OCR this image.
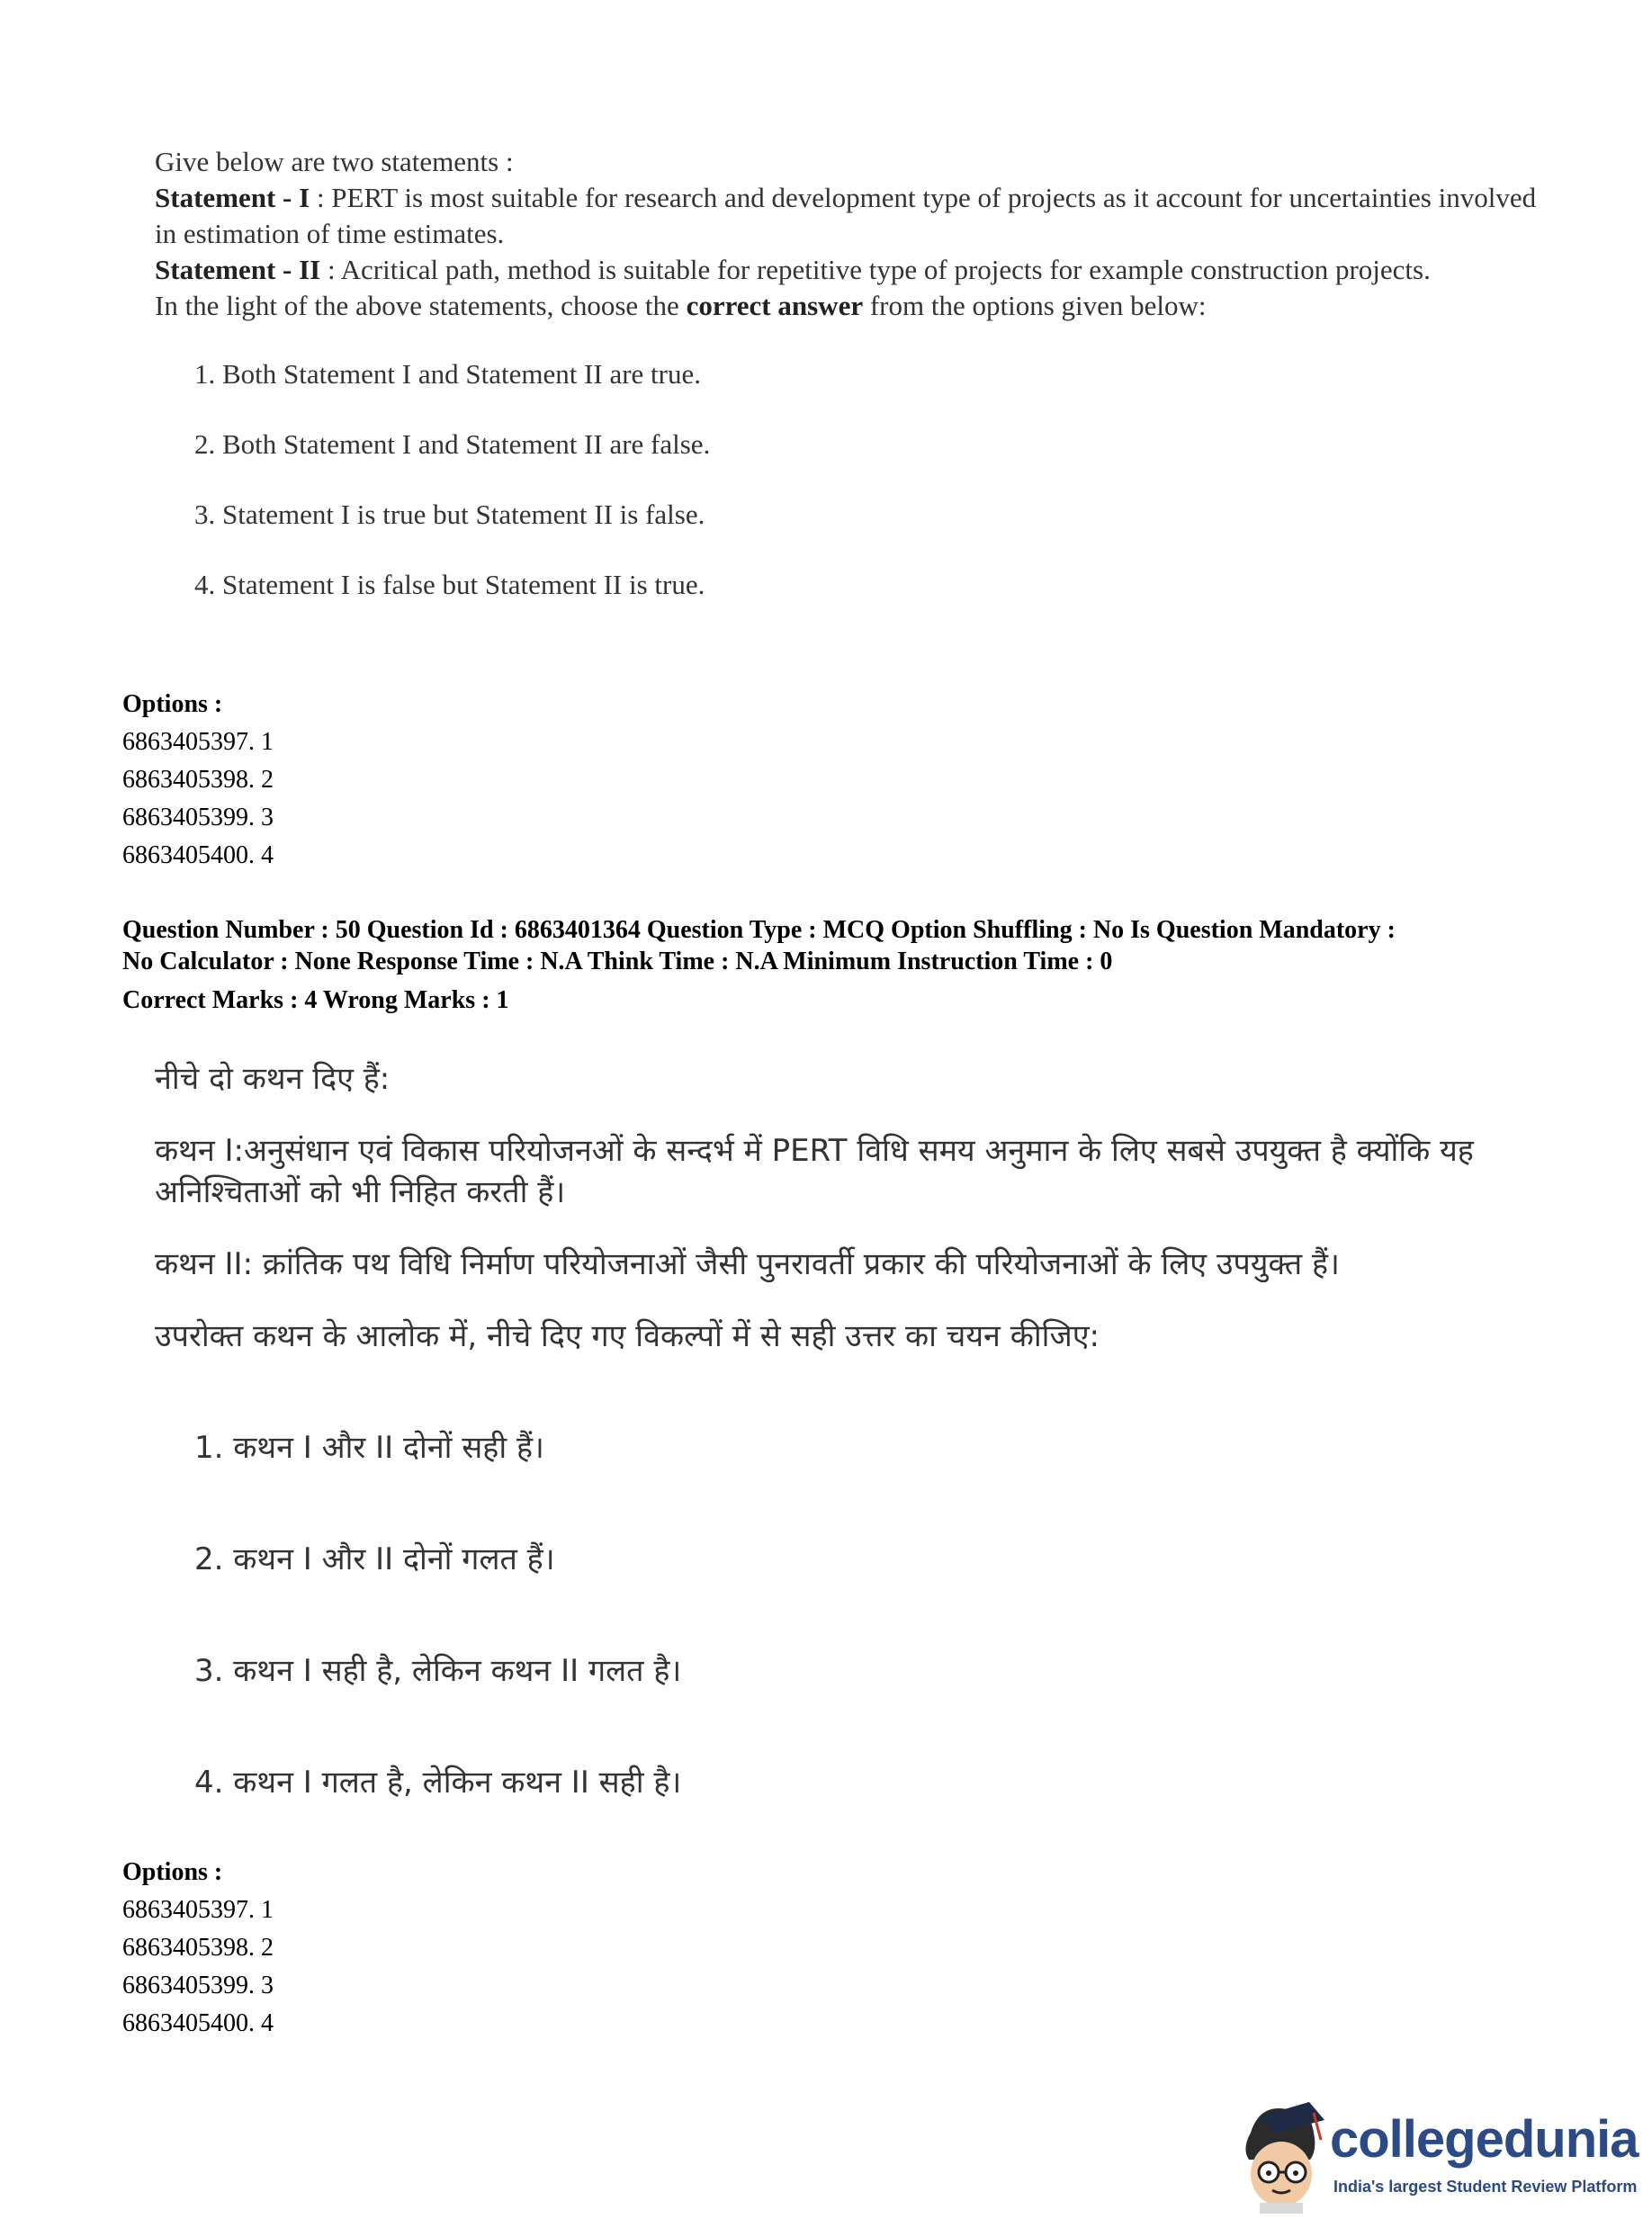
Give below are two statements :

Statement - I : PERT is most suitable for research and development type of projects as it account for uncertainties involved in estimation of time estimates.

Statement - II : Acritical path, method is suitable for repetitive type of projects for example construction projects.

In the light of the above statements, choose the correct answer from the options given below:

1. Both Statement I and Statement II are true.

2. Both Statement I and Statement II are false.

3. Statement I is true but Statement II is false.

4. Statement I is false but Statement II is true.

Options :
6863405397. 1
6863405398. 2
6863405399. 3
6863405400. 4
Question Number : 50 Question Id : 6863401364 Question Type : MCQ Option Shuffling : No Is Question Mandatory :
No Calculator : None Response Time : N.A Think Time : N.A Minimum Instruction Time : 0
Correct Marks : 4 Wrong Marks : 1

नीचे दो कथन दिए हैं:

कथन I:अनुसंधान एवं विकास परियोजनओं के सन्दर्भ में PERT विधि समय अनुमान के लिए सबसे उपयुक्त है क्योंकि यह अनिश्चिताओं को भी निहित करती हैं।

कथन II: क्रांतिक पथ विधि निर्माण परियोजनाओं जैसी पुनरावर्ती प्रकार की परियोजनाओं के लिए उपयुक्त हैं।

उपरोक्त कथन के आलोक में, नीचे दिए गए विकल्पों में से सही उत्तर का चयन कीजिए:

1. कथन I और II दोनों सही हैं।

2. कथन I और II दोनों गलत हैं।

3. कथन I सही है, लेकिन कथन II गलत है।

4. कथन I गलत है, लेकिन कथन II सही है।

Options :
6863405397. 1
6863405398. 2
6863405399. 3
6863405400. 4
collegedunia
India's largest Student Review Platform
